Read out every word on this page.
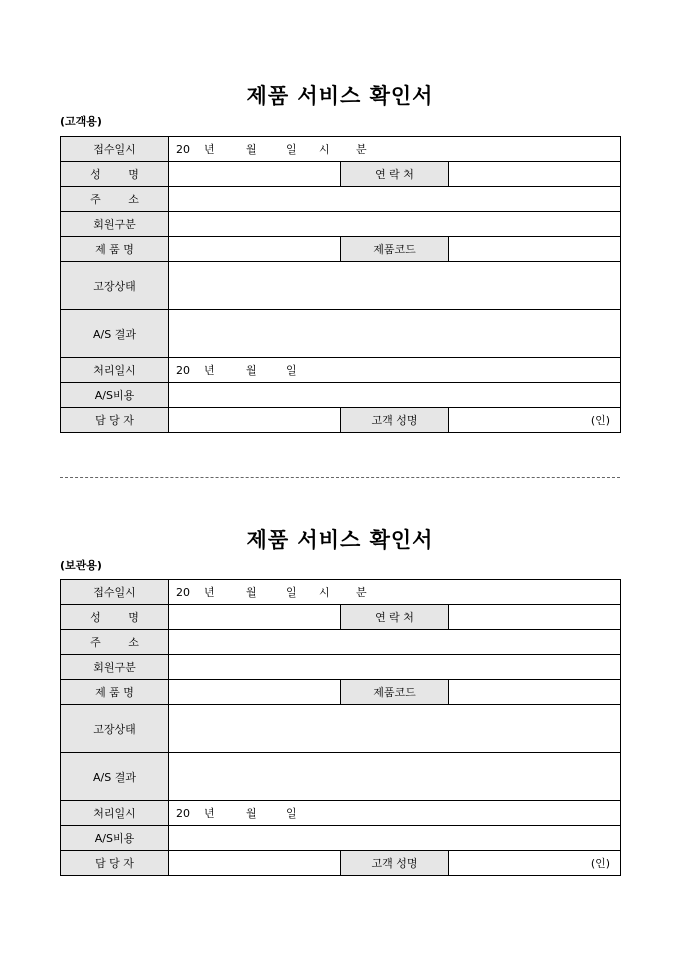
제품 서비스 확인서
(고객용)
접수일시	20 년 월 일 시 분		
성 명		연 락 처	
주 소			
회원구분			
제 품 명		제품코드	
고장상태			
A/S 결과			
처리일시	20 년 월 일		
A/S비용			
담 당 자		고객 성명	(인)
제품 서비스 확인서
(보관용)
접수일시	20 년 월 일 시 분		
성 명		연 락 처	
주 소			
회원구분			
제 품 명		제품코드	
고장상태			
A/S 결과			
처리일시	20 년 월 일		
A/S비용			
담 당 자		고객 성명	(인)
